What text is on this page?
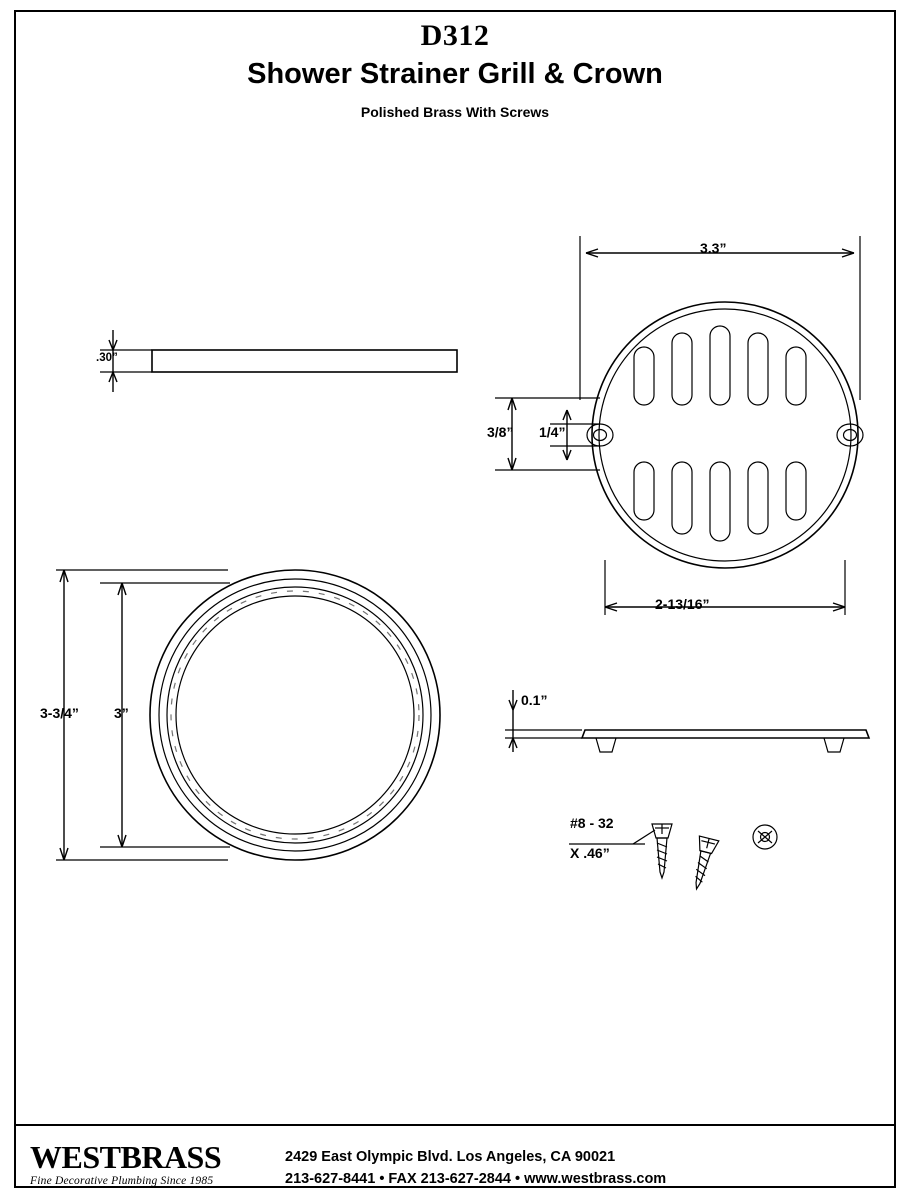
D312
Shower Strainer Grill & Crown
Polished Brass With Screws
.30”
3-3/4”	3”
3.3”
2-13/16”
3/8” 1/4”
0.1”
#8 - 32
X .46”
WESTBRASS
Fine Decorative Plumbing Since 1985
2429 East Olympic Blvd. Los Angeles, CA 90021
213-627-8441 • FAX 213-627-2844 • www.westbrass.com
